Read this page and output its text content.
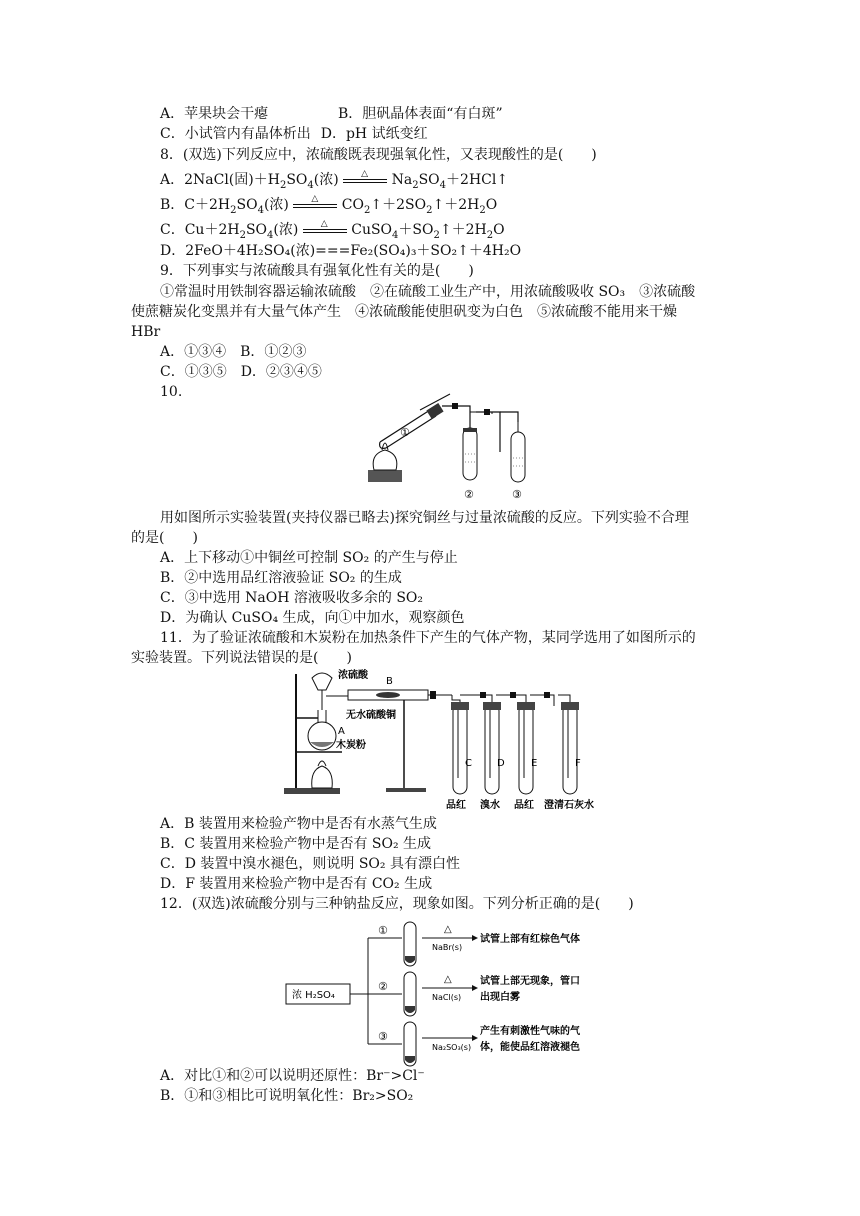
A．苹果块会干瘪	B．胆矾晶体表面“有白斑”
C．小试管内有晶体析出 D．pH 试纸变红
8．(双选)下列反应中，浓硫酸既表现强氧化性，又表现酸性的是(　　)
A．2NaCl(固)$+H_2SO_4$(浓) △ $Na_2SO_4+2HCl↑$
B．$C+2H_2SO_4$(浓) △ $CO_2↑+2SO_2↑+2H_2O$
C．$Cu+2H_2SO_4$(浓) △ $CuSO_4+SO_2↑+2H_2O$
D．2FeO＋4H₂SO₄(浓)===Fe₂(SO₄)₃＋SO₂↑＋4H₂O
9．下列事实与浓硫酸具有强氧化性有关的是(　　)
①常温时用铁制容器运输浓硫酸　②在硫酸工业生产中，用浓硫酸吸收 SO₃　③浓硫酸
使蔗糖炭化变黑并有大量气体产生　④浓硫酸能使胆矾变为白色　⑤浓硫酸不能用来干燥
HBr
A．①③④　B．①②③
C．①③⑤　D．②③④⑤
10.
①
②	③
用如图所示实验装置(夹持仪器已略去)探究铜丝与过量浓硫酸的反应。下列实验不合理
的是(　　)
A．上下移动①中铜丝可控制 SO₂ 的产生与停止
B．②中选用品红溶液验证 SO₂ 的生成
C．③中选用 NaOH 溶液吸收多余的 SO₂
D．为确认 CuSO₄ 生成，向①中加水，观察颜色
11．为了验证浓硫酸和木炭粉在加热条件下产生的气体产物，某同学选用了如图所示的
实验装置。下列说法错误的是(　　)
浓硫酸
B
无水硫酸铜
A
木炭粉
C	D	E	F
品红 溴水 品红 澄清石灰水
A．B 装置用来检验产物中是否有水蒸气生成
B．C 装置用来检验产物中是否有 SO₂ 生成
C．D 装置中溴水褪色，则说明 SO₂ 具有漂白性
D．F 装置用来检验产物中是否有 CO₂ 生成
12．(双选)浓硫酸分别与三种钠盐反应，现象如图。下列分析正确的是(　　)
浓 H₂SO₄
①
②
③
△
NaBr(s)
△
NaCl(s)
Na₂SO₃(s)
试管上部有红棕色气体
试管上部无现象，管口
出现白雾
产生有刺激性气味的气
体，能使品红溶液褪色
A．对比①和②可以说明还原性：Br⁻>Cl⁻
B．①和③相比可说明氧化性：Br₂>SO₂
